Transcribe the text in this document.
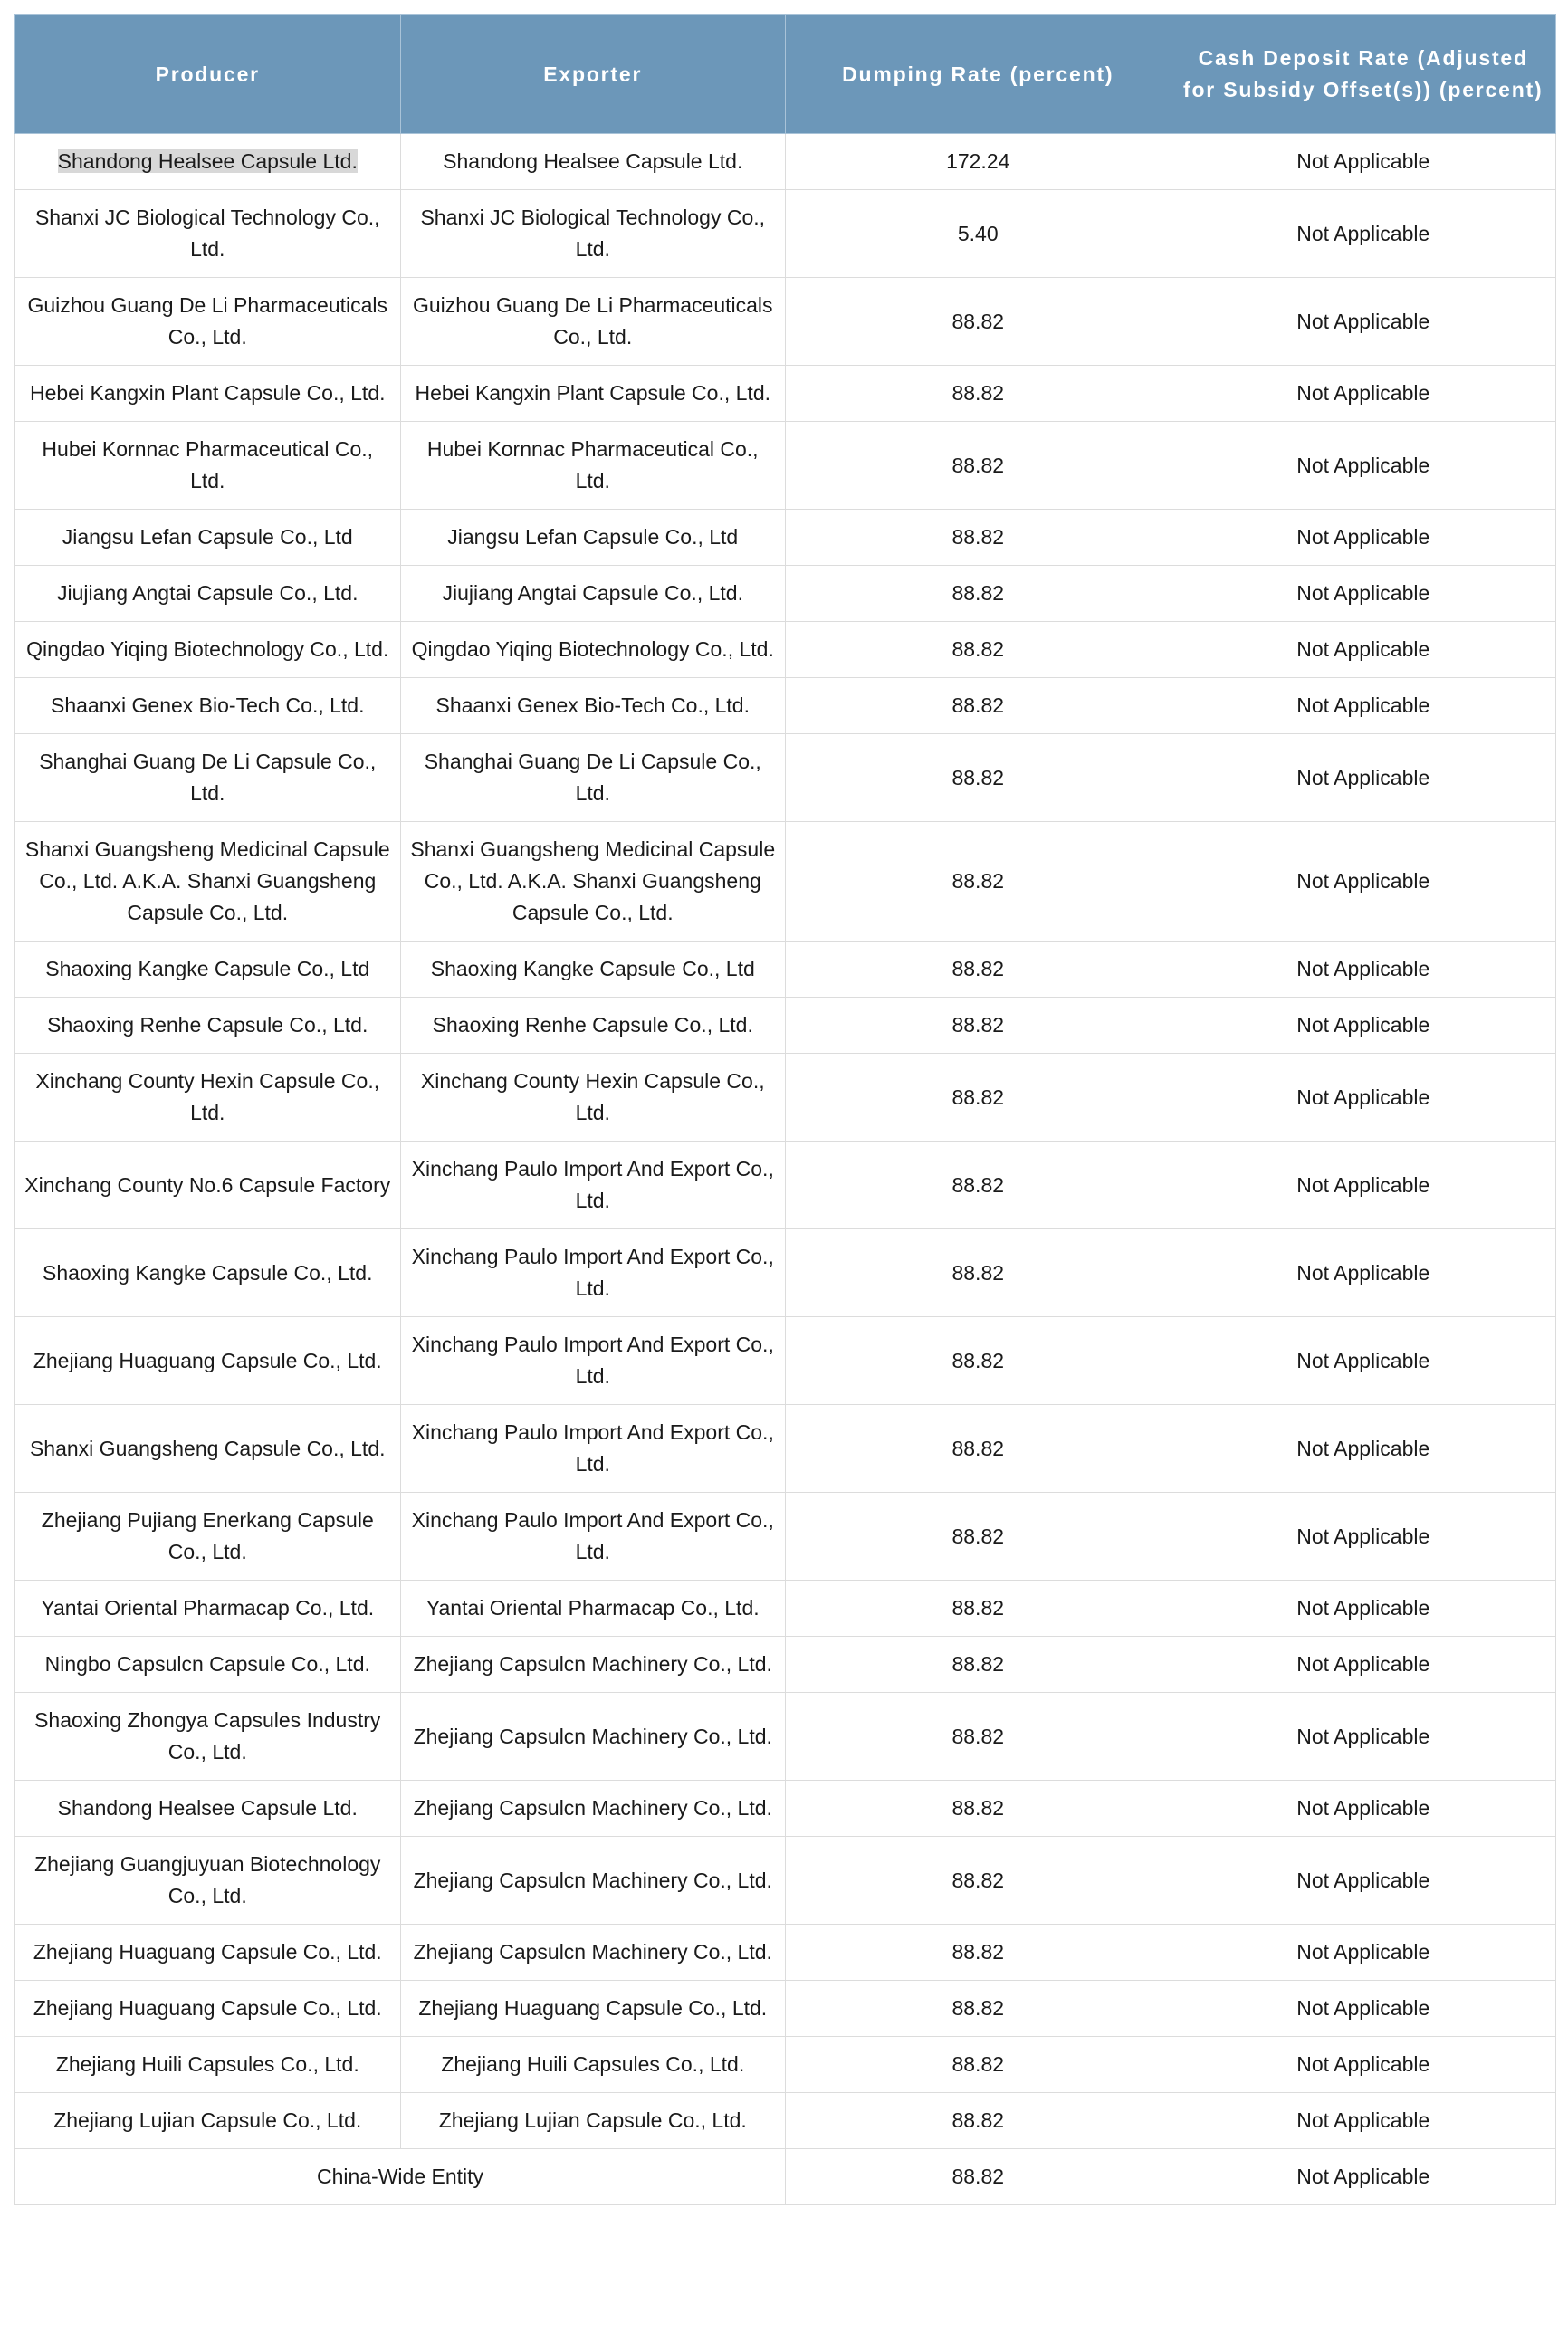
Producer	Exporter	Dumping Rate (percent)	Cash Deposit Rate (Adjusted for Subsidy Offset(s)) (percent)
Shandong Healsee Capsule Ltd.	Shandong Healsee Capsule Ltd.	172.24	Not Applicable
Shanxi JC Biological Technology Co., Ltd.	Shanxi JC Biological Technology Co., Ltd.	5.40	Not Applicable
Guizhou Guang De Li Pharmaceuticals Co., Ltd.	Guizhou Guang De Li Pharmaceuticals Co., Ltd.	88.82	Not Applicable
Hebei Kangxin Plant Capsule Co., Ltd.	Hebei Kangxin Plant Capsule Co., Ltd.	88.82	Not Applicable
Hubei Kornnac Pharmaceutical Co., Ltd.	Hubei Kornnac Pharmaceutical Co., Ltd.	88.82	Not Applicable
Jiangsu Lefan Capsule Co., Ltd	Jiangsu Lefan Capsule Co., Ltd	88.82	Not Applicable
Jiujiang Angtai Capsule Co., Ltd.	Jiujiang Angtai Capsule Co., Ltd.	88.82	Not Applicable
Qingdao Yiqing Biotechnology Co., Ltd.	Qingdao Yiqing Biotechnology Co., Ltd.	88.82	Not Applicable
Shaanxi Genex Bio-Tech Co., Ltd.	Shaanxi Genex Bio-Tech Co., Ltd.	88.82	Not Applicable
Shanghai Guang De Li Capsule Co., Ltd.	Shanghai Guang De Li Capsule Co., Ltd.	88.82	Not Applicable
Shanxi Guangsheng Medicinal Capsule Co., Ltd. A.K.A. Shanxi Guangsheng Capsule Co., Ltd.	Shanxi Guangsheng Medicinal Capsule Co., Ltd. A.K.A. Shanxi Guangsheng Capsule Co., Ltd.	88.82	Not Applicable
Shaoxing Kangke Capsule Co., Ltd	Shaoxing Kangke Capsule Co., Ltd	88.82	Not Applicable
Shaoxing Renhe Capsule Co., Ltd.	Shaoxing Renhe Capsule Co., Ltd.	88.82	Not Applicable
Xinchang County Hexin Capsule Co., Ltd.	Xinchang County Hexin Capsule Co., Ltd.	88.82	Not Applicable
Xinchang County No.6 Capsule Factory	Xinchang Paulo Import And Export Co., Ltd.	88.82	Not Applicable
Shaoxing Kangke Capsule Co., Ltd.	Xinchang Paulo Import And Export Co., Ltd.	88.82	Not Applicable
Zhejiang Huaguang Capsule Co., Ltd.	Xinchang Paulo Import And Export Co., Ltd.	88.82	Not Applicable
Shanxi Guangsheng Capsule Co., Ltd.	Xinchang Paulo Import And Export Co., Ltd.	88.82	Not Applicable
Zhejiang Pujiang Enerkang Capsule Co., Ltd.	Xinchang Paulo Import And Export Co., Ltd.	88.82	Not Applicable
Yantai Oriental Pharmacap Co., Ltd.	Yantai Oriental Pharmacap Co., Ltd.	88.82	Not Applicable
Ningbo Capsulcn Capsule Co., Ltd.	Zhejiang Capsulcn Machinery Co., Ltd.	88.82	Not Applicable
Shaoxing Zhongya Capsules Industry Co., Ltd.	Zhejiang Capsulcn Machinery Co., Ltd.	88.82	Not Applicable
Shandong Healsee Capsule Ltd.	Zhejiang Capsulcn Machinery Co., Ltd.	88.82	Not Applicable
Zhejiang Guangjuyuan Biotechnology Co., Ltd.	Zhejiang Capsulcn Machinery Co., Ltd.	88.82	Not Applicable
Zhejiang Huaguang Capsule Co., Ltd.	Zhejiang Capsulcn Machinery Co., Ltd.	88.82	Not Applicable
Zhejiang Huaguang Capsule Co., Ltd.	Zhejiang Huaguang Capsule Co., Ltd.	88.82	Not Applicable
Zhejiang Huili Capsules Co., Ltd.	Zhejiang Huili Capsules Co., Ltd.	88.82	Not Applicable
Zhejiang Lujian Capsule Co., Ltd.	Zhejiang Lujian Capsule Co., Ltd.	88.82	Not Applicable
China-Wide Entity		88.82	Not Applicable
